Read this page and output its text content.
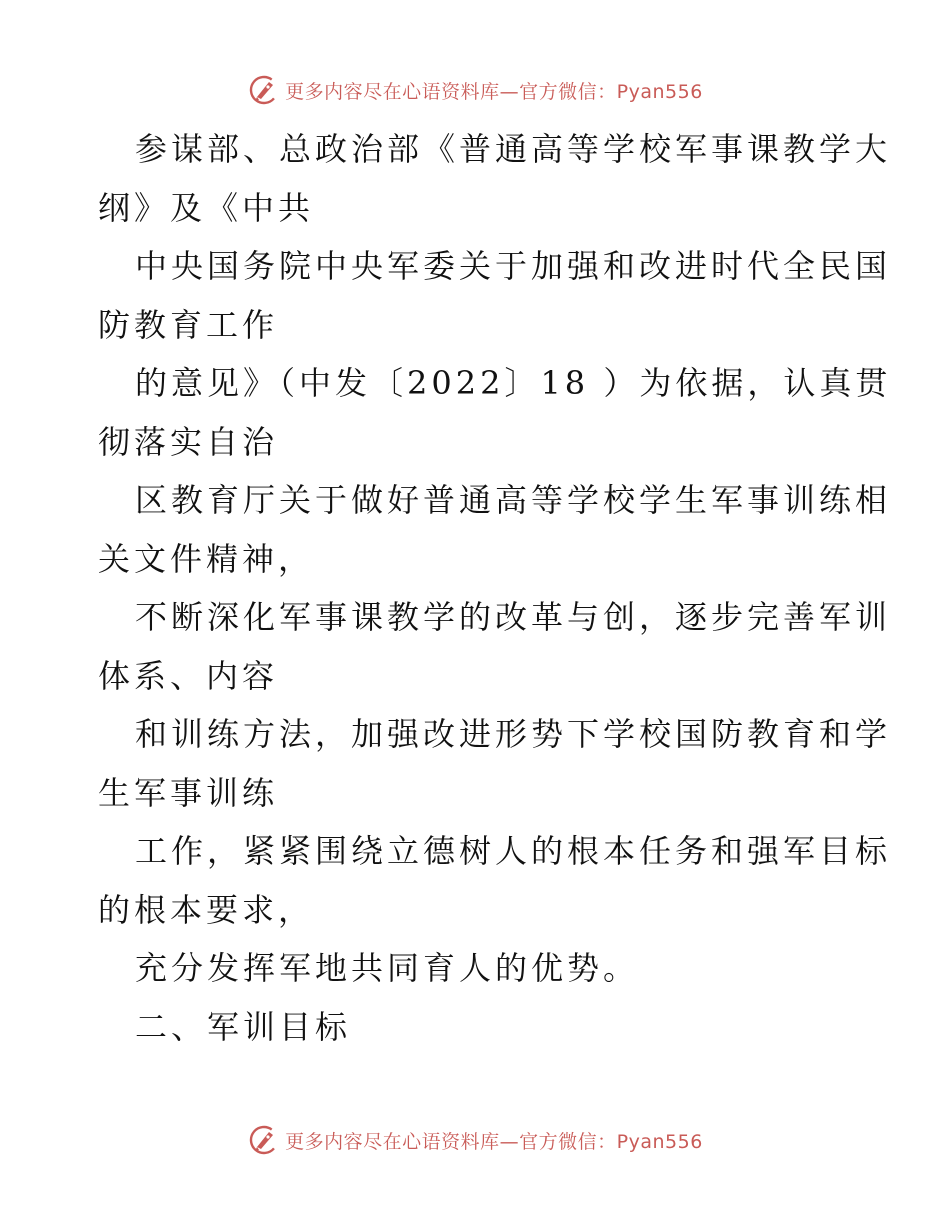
更多内容尽在心语资料库—官方微信：Pyan556
参谋部、总政治部《普通高等学校军事课教学大
纲》及《中共
中央国务院中央军委关于加强和改进时代全民国
防教育工作
的意见》（中发〔2022〕18 ）为依据，认真贯
彻落实自治
区教育厅关于做好普通高等学校学生军事训练相
关文件精神，
不断深化军事课教学的改革与创，逐步完善军训
体系、内容
和训练方法，加强改进形势下学校国防教育和学
生军事训练
工作，紧紧围绕立德树人的根本任务和强军目标
的根本要求，
充分发挥军地共同育人的优势。
二、军训目标
更多内容尽在心语资料库—官方微信：Pyan556
